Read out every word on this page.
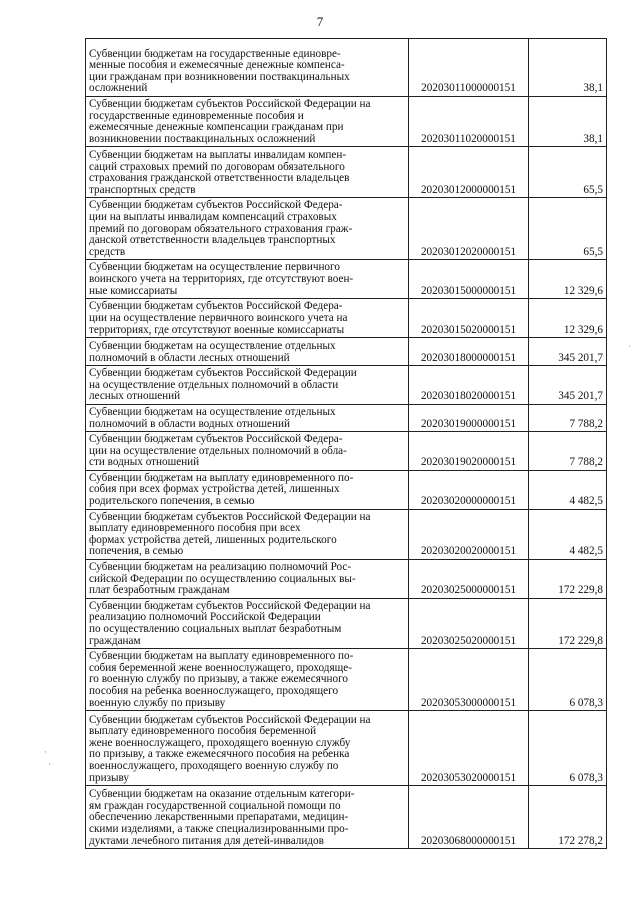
7
Субвенции бюджетам на государственные единовре-
менные пособия и ежемесячные денежные компенса-
ции гражданам при возникновении поствакцинальных
осложнений	20203011000000151	38,1

Субвенции бюджетам субъектов Российской Федерации на государственные единовременные пособия и
ежемесячные денежные компенсации гражданам при
возникновении поствакцинальных осложнений	20203011020000151	38,1

Субвенции бюджетам на выплаты инвалидам компен-
саций страховых премий по договорам обязательного
страхования гражданской ответственности владельцев
транспортных средств	20203012000000151	65,5

Субвенции бюджетам субъектов Российской Федера-
ции на выплаты инвалидам компенсаций страховых
премий по договорам обязательного страхования граж-
данской ответственности владельцев транспортных
средств	20203012020000151	65,5

Субвенции бюджетам на осуществление первичного
воинского учета на территориях, где отсутствуют воен-
ные комиссариаты	20203015000000151	12 329,6

Субвенции бюджетам субъектов Российской Федера-
ции на осуществление первичного воинского учета на
территориях, где отсутствуют военные комиссариаты	20203015020000151	12 329,6

Субвенции бюджетам на осуществление отдельных
полномочий в области лесных отношений	20203018000000151	345 201,7

Субвенции бюджетам субъектов Российской Федерации
на осуществление отдельных полномочий в области
лесных отношений	20203018020000151	345 201,7

Субвенции бюджетам на осуществление отдельных
полномочий в области водных отношений	20203019000000151	7 788,2

Субвенции бюджетам субъектов Российской Федера-
ции на осуществление отдельных полномочий в обла-
сти водных отношений	20203019020000151	7 788,2

Субвенции бюджетам на выплату единовременного по-
собия при всех формах устройства детей, лишенных
родительского попечения, в семью	20203020000000151	4 482,5

Субвенции бюджетам субъектов Российской Федерации на выплату единовременного пособия при всех
формах устройства детей, лишенных родительского
попечения, в семью	20203020020000151	4 482,5

Субвенции бюджетам на реализацию полномочий Рос-
сийской Федерации по осуществлению социальных вы-
плат безработным гражданам	20203025000000151	172 229,8

Субвенции бюджетам субъектов Российской Федерации на реализацию полномочий Российской Федерации
по осуществлению социальных выплат безработным
гражданам	20203025020000151	172 229,8

Субвенции бюджетам на выплату единовременного по-
собия беременной жене военнослужащего, проходяще-
го военную службу по призыву, а также ежемесячного
пособия на ребенка военнослужащего, проходящего
военную службу по призыву	20203053000000151	6 078,3

Субвенции бюджетам субъектов Российской Федерации на выплату единовременного пособия беременной
жене военнослужащего, проходящего военную службу
по призыву, а также ежемесячного пособия на ребенка
военнослужащего, проходящего военную службу по
призыву	20203053020000151	6 078,3

Субвенции бюджетам на оказание отдельным категори-
ям граждан государственной социальной помощи по
обеспечению лекарственными препаратами, медицин-
скими изделиями, а также специализированными про-
дуктами лечебного питания для детей-инвалидов	20203068000000151	172 278,2
·
·
·
